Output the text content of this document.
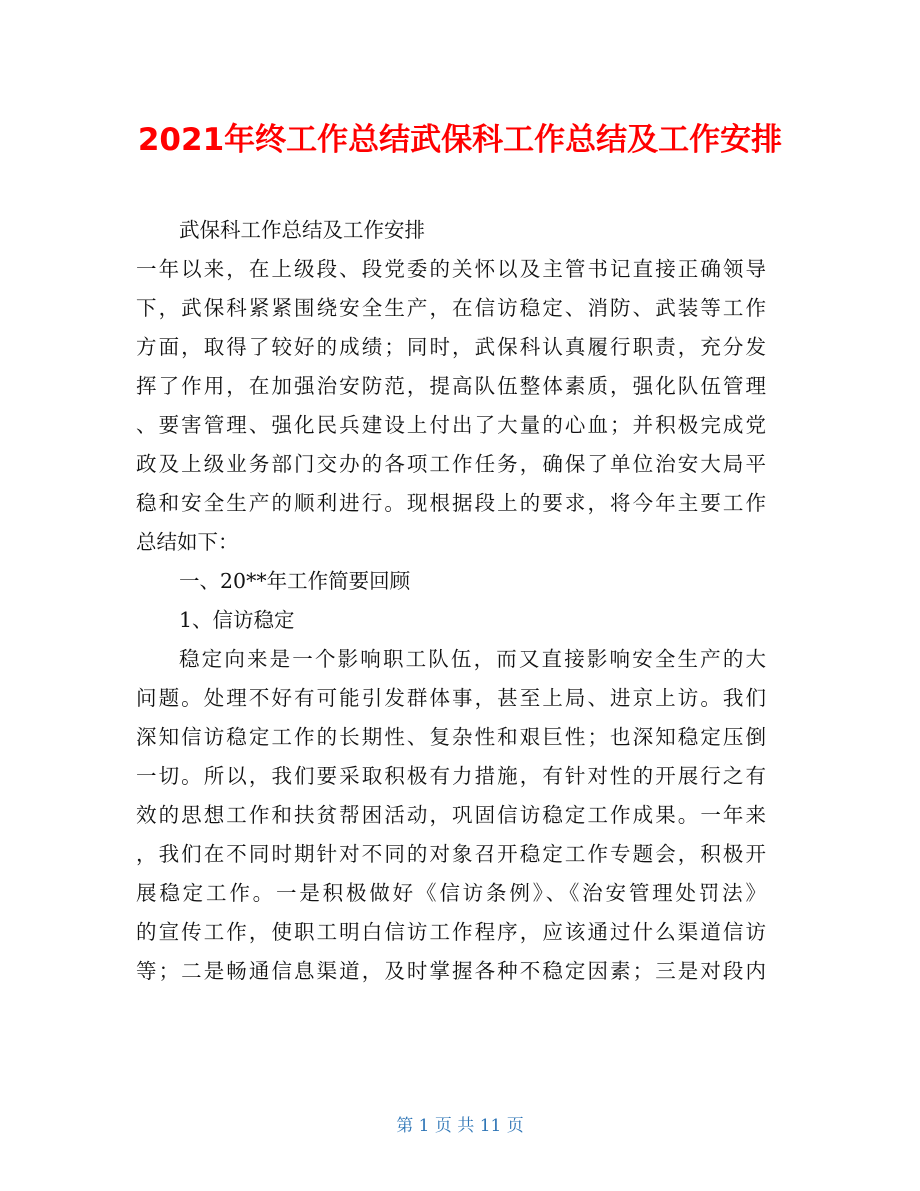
2021年终工作总结武保科工作总结及工作安排
武保科工作总结及工作安排
一年以来，在上级段、段党委的关怀以及主管书记直接正确领导
下，武保科紧紧围绕安全生产，在信访稳定、消防、武装等工作
方面，取得了较好的成绩；同时，武保科认真履行职责，充分发
挥了作用，在加强治安防范，提高队伍整体素质，强化队伍管理
、要害管理、强化民兵建设上付出了大量的心血；并积极完成党
政及上级业务部门交办的各项工作任务，确保了单位治安大局平
稳和安全生产的顺利进行。现根据段上的要求，将今年主要工作
总结如下：
一、20**年工作简要回顾
1、信访稳定
稳定向来是一个影响职工队伍，而又直接影响安全生产的大
问题。处理不好有可能引发群体事，甚至上局、进京上访。我们
深知信访稳定工作的长期性、复杂性和艰巨性；也深知稳定压倒
一切。所以，我们要采取积极有力措施，有针对性的开展行之有
效的思想工作和扶贫帮困活动，巩固信访稳定工作成果。一年来
，我们在不同时期针对不同的对象召开稳定工作专题会，积极开
展稳定工作。一是积极做好《信访条例》、《治安管理处罚法》
的宣传工作，使职工明白信访工作程序，应该通过什么渠道信访
等；二是畅通信息渠道，及时掌握各种不稳定因素；三是对段内
第 1 页 共 11 页
